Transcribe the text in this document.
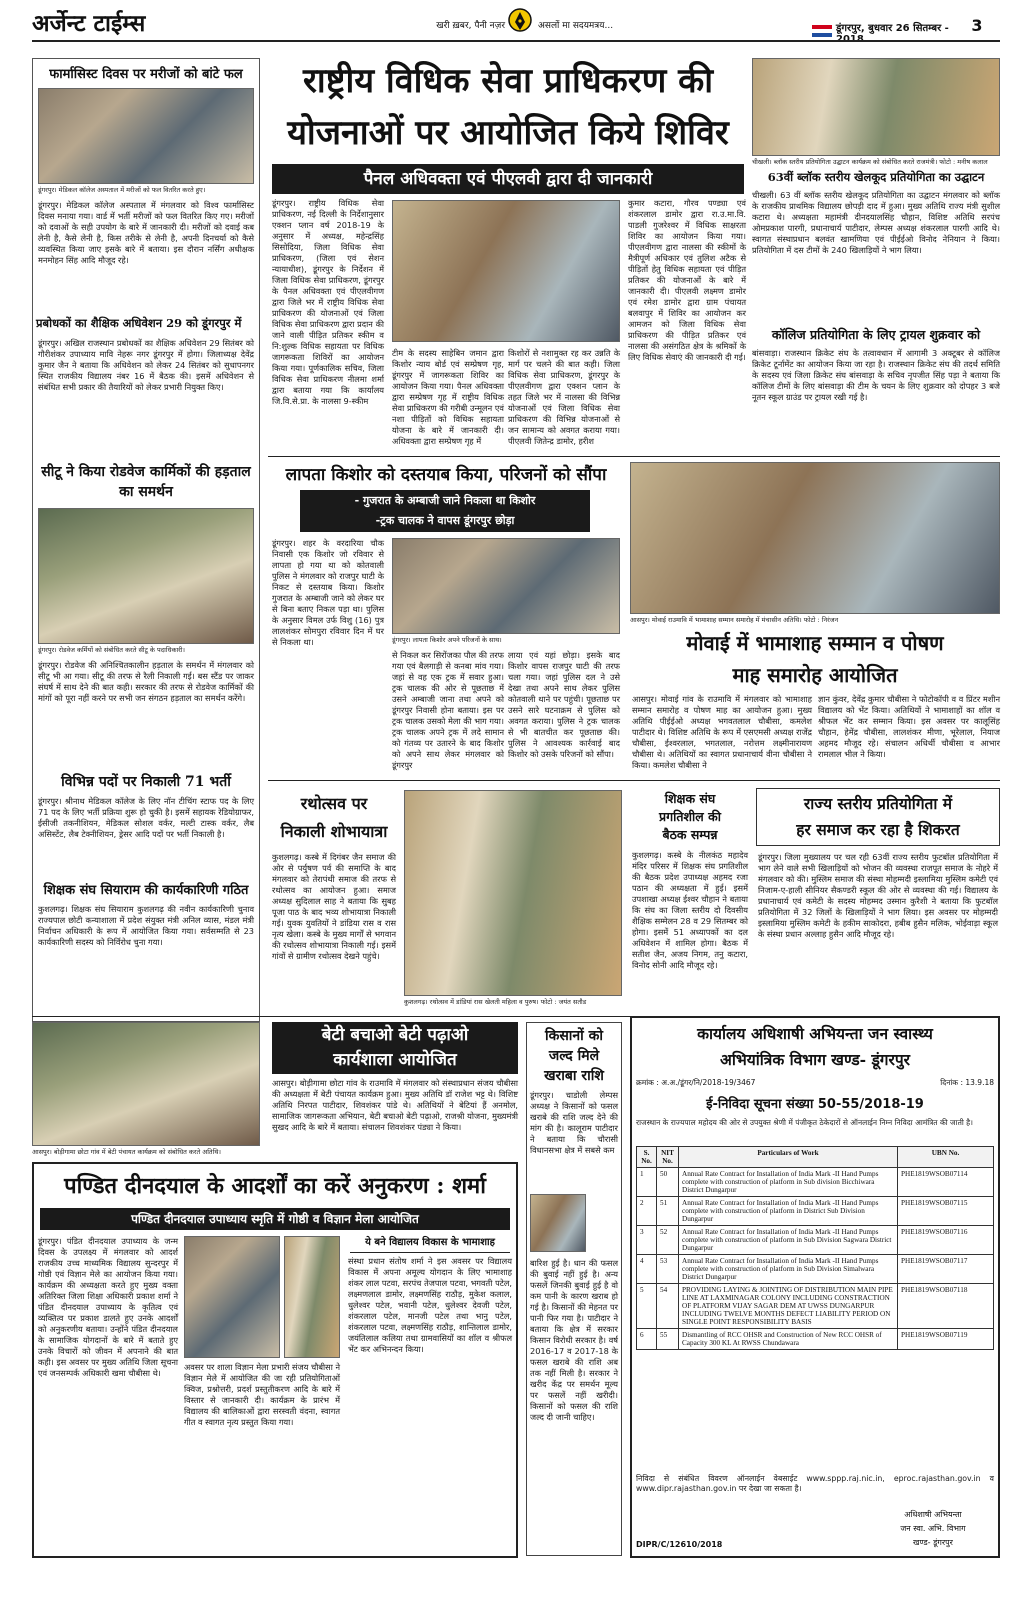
अर्जेन्ट टाईम्स	खरी ख़बर, पैनी नज़र	असलों मा सदयमत्रय...	डूंगरपुर, बुधवार 26 सितम्बर -	3
फार्मासिस्ट दिवस पर मरीजों को बांटे फल
डूंगरपुर। मेडिकल कॉलेज अस्पताल में मरीजों को फल वितरित करते हुए।
डूंगरपुर। मेडिकल कॉलेज अस्पताल में मंगलवार को विश्व फार्मासिस्ट दिवस मनाया गया। वार्ड में भर्ती मरीजों को फल वितरित किए गए। मरीजों को दवाओं के सही उपयोग के बारे में जानकारी दी। मरीजों को दवाई कब लेनी है, कैसे लेनी है, किस तरीके से लेनी है, अपनी दिनचर्या को कैसे व्यवस्थित किया जाए इसके बारे में बताया। इस दौरान नर्सिंग अधीक्षक मनमोहन सिंह आदि मौजूद रहे।
प्रबोधकों का शैक्षिक अधिवेशन 29 को डूंगरपुर में
डूंगरपुर। अखिल राजस्थान प्रबोधकों का शैक्षिक अधिवेशन 29 सितंबर को गौरीशंकर उपाध्याय मावि नेहरू नगर डूंगरपुर में होगा। जिलाध्यक्ष देवेंद्र कुमार जैन ने बताया कि अधिवेशन को लेकर 24 सितंबर को सुधापनगर स्थित राजकीय विद्यालय नंबर 16 में बैठक की। इसमें अधिवेशन से संबंधित सभी प्रकार की तैयारियों को लेकर प्रभारी नियुक्त किए।
सीटू ने किया रोडवेज कार्मिकों की हड़ताल का समर्थन
डूंगरपुर। रोडवेज कर्मियों को संबोधित करते सीटू के पदाधिकारी।
डूंगरपुर। रोडवेज की अनिश्चितकालीन हड़ताल के समर्थन में मंगलवार को सीटू भी आ गया। सीटू की तरफ से रैली निकाली गई। बस स्टैंड पर जाकर संघर्ष में साथ देने की बात कही। सरकार की तरफ से रोडवेज कार्मिकों की मांगों को पूरा नहीं करने पर सभी जन संगठन हड़ताल का समर्थन करेंगे।
विभिन्न पदों पर निकाली 71 भर्ती
डूंगरपुर। श्रीनाथ मेडिकल कॉलेज के लिए नॉन टीचिंग स्टाफ पद के लिए 71 पद के लिए भर्ती प्रक्रिया शुरू हो चुकी है। इसमें सहायक रेडियोग्राफर, ईसीजी तकनीशियन, मेडिकल सोशल वर्कर, मल्टी टास्क वर्कर, लैब असिस्टेंट, लैब टेक्नीशियन, ड्रेसर आदि पदों पर भर्ती निकाली है।
शिक्षक संघ सियाराम की कार्यकारिणी गठित
कुशलगढ़। शिक्षक संघ सियाराम कुशलगढ़ की नवीन कार्यकारिणी चुनाव राज्यपाल छोटी कन्याशाला में प्रदेश संयुक्त मंत्री अनिल व्यास, मंडल मंत्री निर्वाचन अधिकारी के रूप में आयोजित किया गया। सर्वसम्मति से 23 कार्यकारिणी सदस्य को निर्विरोध चुना गया।
राष्ट्रीय विधिक सेवा प्राधिकरण की
योजनाओं पर आयोजित किये शिविर
पैनल अधिवक्ता एवं पीएलवी द्वारा दी जानकारी
डूंगरपुर। राष्ट्रीय विधिक सेवा प्राधिकरण, नई दिल्ली के निर्देशानुसार एक्शन प्लान वर्ष 2018-19 के अनुसार में अध्यक्ष, महेन्द्रसिंह सिसोदिया, जिला विधिक सेवा प्राधिकरण, (जिला एवं सेशन न्यायाधीश), डूंगरपुर के निर्देशन में जिला विधिक सेवा प्राधिकरण, डूंगरपुर के पैनल अधिवक्ता एवं पीएलवीगण द्वारा जिले भर में राष्ट्रीय विधिक सेवा प्राधिकरण की योजनाओं एवं जिला विधिक सेवा प्राधिकरण द्वारा प्रदान की जाने वाली पीड़ित प्रतिकर स्कीम व नि:शुल्क विधिक सहायता पर विधिक जागरूकता शिविरों का आयोजन किया गया। पूर्णकालिक सचिव, जिला विधिक सेवा प्राधिकरण नीलमा शर्मा द्वारा बताया गया कि कार्यालय जि.वि.से.प्रा. के नालसा 9-स्कीम
टीम के सदस्य साहेबिन जमान द्वारा किशोर न्याय बोर्ड एवं सम्प्रेषण गृह, डूंगरपुर में जागरूकता शिविर का आयोजन किया गया। पैनल अधिवक्ता द्वारा सम्प्रेषण गृह में राष्ट्रीय विधिक सेवा प्राधिकरण की गरीबी उन्मूलन एवं नशा पीड़ितों को विधिक सहायता योजना के बारे में जानकारी दी। अधिवक्ता द्वारा सम्प्रेषण गृह में
किशोरों से नशामुक्त रह कर उन्नति के मार्ग पर चलने की बात कही। जिला विधिक सेवा प्राधिकरण, डूंगरपुर के पीएलवीगण द्वारा एक्शन प्लान के तहत जिले भर में नालसा की विभिन्न योजनाओं एवं जिला विधिक सेवा प्राधिकरण की विभिन्न योजनाओं से जन सामान्य को अवगत कराया गया। पीएलवी जितेन्द्र डामोर, हरीश
कुमार कटारा, गौरव पण्ड्या एवं शंकरलाल डामोर द्वारा रा.उ.मा.वि. पाडली गुजरेश्वर में विधिक साक्षरता शिविर का आयोजन किया गया। पीएलवीगण द्वारा नालसा की स्कीमों के मैत्रीपूर्ण अधिकार एवं तुलिश अटैक से पीड़ितों हेतु विधिक सहायता एवं पीड़ित प्रतिकर की योजनाओं के बारे में जानकारी दी। पीएलवी लक्ष्मण डामोर एवं रमेश डामोर द्वारा ग्राम पंचायत बलवापुर में शिविर का आयोजन कर आमजन को जिला विधिक सेवा प्राधिकरण की पीड़ित प्रतिकर एवं नालसा की असंगठित क्षेत्र के श्रमिकों के लिए विधिक सेवाएं की जानकारी दी गई।
चीखली। ब्लॉक स्तरीय प्रतियोगिता उद्घाटन कार्यक्रम को संबोधित करते राजमंत्री। फोटो : मनीष कलाल
63वीं ब्लॉक स्तरीय खेलकूद प्रतियोगिता का उद्घाटन
चीखली। 63 वीं ब्लॉक स्तरीय खेलकूद प्रतियोगिता का उद्घाटन मंगलवार को ब्लॉक के राजकीय प्राथमिक विद्यालय छोपड़ी दाद में हुआ। मुख्य अतिथि राज्य मंत्री सुशील कटारा थे। अध्यक्षता महामंत्री दीनदयालसिंह चौहान, विशिष्ट अतिथि सरपंच ओमप्रकाश पारगी, प्रधानाचार्य पाटीदार, लेम्पस अध्यक्ष शंकरलाल पारगी आदि थे। स्वागत संस्थाप्रधान बलवंत खामणिया एवं पीईईओ विनोद नेनियान ने किया। प्रतियोगिता में दस टीमों के 240 खिलाड़ियों ने भाग लिया।
कॉलिज प्रतियोगिता के लिए ट्रायल शुक्रवार को
बांसवाड़ा। राजस्थान क्रिकेट संघ के तत्वावधान में आगामी 3 अक्टूबर से कॉलिज क्रिकेट टूर्नामेंट का आयोजन किया जा रहा है। राजस्थान क्रिकेट संघ की तदर्थ समिति के सदस्य एवं जिला क्रिकेट संघ बांसवाड़ा के सचिव नृपजीत सिंह पड़ा ने बताया कि कॉलिज टीमों के लिए बांसवाड़ा की टीम के चयन के लिए शुक्रवार को दोपहर 3 बजे नूतन स्कूल ग्राउंड पर ट्रायल रखी गई है।
लापता किशोर को दस्तयाब किया, परिजनों को सौंपा
- गुजरात के अम्बाजी जाने निकला था किशोर
-ट्रक चालक ने वापस डूंगरपुर छोड़ा
डूंगरपुर। शहर के वरदारिया चौक निवासी एक किशोर जो रविवार से लापता हो गया था को कोतवाली पुलिस ने मंगलवार को राजपुर घाटी के निकट से दस्तयाब किया। किशोर गुजरात के अम्बाजी जाने को लेकर घर से बिना बताए निकल पड़ा था। पुलिस के अनुसार विमल उर्फ विशु (16) पुत्र लालशंकर सोमपुरा रविवार दिन में घर से निकला था।	डूंगरपुर। लापता किशोर अपने परिजनों के साथ।
से निकल कर सिरोंजका पौल की तरफ गया एवं बैलगाड़ी से कनबा मांव गया। जहां से वह एक ट्रक में सवार हुआ। ट्रक चालक की ओर से पूछताछ में उसने अम्बाजी जाना तथा अपने को डूंगरपुर निवासी होना बताया। इस पर ट्रक चालक उसको मेला की भाग गया। ट्रक चालक अपने ट्रक में लदे सामान को गंतव्य पर उतारने के बाद किशोर को अपने साथ लेकर मंगलवार को डूंगरपुर
लाया एवं यहां छोड़ा। इसके बाद किशोर वापस राजपुर घाटी की तरफ चला गया। जहां पुलिस दल ने उसे देखा तथा अपने साथ लेकर पुलिस कोतवाली थाने पर पहुंची। पूछताछ पर उसने सारे घटनाक्रम से पुलिस को अवगत कराया। पुलिस ने ट्रक चालक से भी बातचीत कर पूछताछ की। पुलिस ने आवश्यक कार्रवाई बाद किशोर को उसके परिजनों को सौंपा।
आसपुर। मोवाई राउमावि में भामाशाह सम्मान समारोह में मंचासीन अतिथि। फोटो : निरंजन
मोवाई में भामाशाह सम्मान व पोषण
माह समारोह आयोजित
आसपुर। मोवाई गांव के राउमावि में मंगलवार को भामाशाह सम्मान समारोह व पोषण माह का आयोजन हुआ। मुख्य अतिथि पीईईओ अध्यक्ष भगवतलाल चौबीसा, कमलेश पाटीदार थे। विशिष्ट अतिथि के रूप में एसएमसी अध्यक्ष राजेंद्र चौबीसा, ईश्वरलाल, भगतलाल, नरोत्तम लक्ष्मीनारायण चौबीसा थे। अतिथियों का स्वागत प्रधानाचार्य वीना चौबीसा ने किया। कमलेश चौबीसा ने
ज्ञान कुंवर, देवेंद्र कुमार चौबीसा ने फोटोकॉपी व व प्रिंटर मशीन विद्यालय को भेंट किया। अतिथियों ने भामाशाहों का शॉल व श्रीफल भेंट कर सम्मान किया। इस अवसर पर कालूसिंह चौहान, हेमेंद्र चौबीसा, लालशंकर मीणा, भूरेलाल, नियाज अहमद मौजूद रहे। संचालन अधिर्थी चौबीसा व आभार रामलाल भील ने किया।
रथोत्सव पर
निकाली शोभायात्रा
कुशलगढ़। कस्बे में दिगंबर जैन समाज की ओर से पर्युषण पर्व की समाप्ति के बाद मंगलवार को तेरापंथी समाज की तरफ से रथोत्सव का आयोजन हुआ। समाज अध्यक्ष सुदिलाल साह ने बताया कि सुबह पूजा पाठ के बाद भव्य शोभायात्रा निकाली गई। युवक युवतियों ने डांडिया रास व रास नृत्य खेला। कस्बे के मुख्य मार्गों से भगवान की रथोत्सव शोभायात्रा निकाली गई। इसमें गांवों से ग्रामीण रथोत्सव देखने पहुंचे।
कुशलगढ़। रथोत्सव में डांडियां रास खेलती महिला व पुरुष। फोटो : जयंत सतौड
शिक्षक संघ
प्रगतिशील की
बैठक सम्पन्न
कुशलगढ़। कस्बे के नीलकंठ महादेव मंदिर परिसर में शिक्षक संघ प्रगतिशील की बैठक प्रदेश उपाध्यक्ष अहमद रजा पठान की अध्यक्षता में हुई। इसमें उपशाखा अध्यक्ष ईश्वर चौहान ने बताया कि संघ का जिला स्तरीय दो दिवसीय शैक्षिक सम्मेलन 28 व 29 सितम्बर को होगा। इसमें 51 अध्यापकों का दल अधिवेशन में शामिल होगा। बैठक में सतीश जैन, अजय निगम, तनु कटारा, विनोद सोनी आदि मौजूद रहे।
राज्य स्तरीय प्रतियोगिता में
हर समाज कर रहा है शिकरत
डूंगरपुर। जिला मुख्यालय पर चल रही 63वीं राज्य स्तरीय फुटबॉल प्रतियोगिता में भाग लेने वाले सभी खिलाड़ियों को भोजन की व्यवस्था राजपूत समाज के नोहरे में मंगलवार को की। मुस्लिम समाज की संस्था मोहम्मदी इस्लामिया मुस्लिम कमेटी एवं निजाम-ए-हाली सीनियर सैकण्डरी स्कूल की ओर से व्यवस्था की गई। विद्यालय के प्रधानाचार्य एवं कमेटी के सदस्य मोहम्मद उस्मान कुरैशी ने बताया कि फुटबॉल प्रतियोगिता में 32 जिलों के खिलाड़ियों ने भाग लिया। इस अवसर पर मोहम्मदी इस्लामिया मुस्लिम कमेटी के हकीम साकोदरा, हबीब हुसैन मलिक, भोईवाड़ा स्कूल के संस्था प्रधान अल्लाह हुसैन आदि मौजूद रहे।
आसपुर। बोड़ीगामा छोटा गांव में बेटी पंचायत कार्यक्रम को संबोधित करते अतिथि।
बेटी बचाओ बेटी पढ़ाओ
कार्यशाला आयोजित
आसपुर। बोड़ीगामा छोटा गांव के राउमावि में मंगलवार को संस्थाप्रधान संजय चौबीसा की अध्यक्षता में बेटी पंचायत कार्यक्रम हुआ। मुख्य अतिथि डॉ राजेश भट्ट थे। विशिष्ट अतिथि निरपत पाटीदार, शिवशंकर पांडे थे। अतिथियों ने बेटियां हैं अनमोल, सामाजिक जागरूकता अभियान, बेटी बचाओ बेटी पढ़ाओ, राजश्री योजना, मुख्यमंत्री सुखद आदि के बारे में बताया। संचालन शिवशंकर पंड्या ने किया।
किसानों को
जल्द मिले
खराबा राशि
डूंगरपुर। चाडोली लेम्पस अध्यक्ष ने किसानों को फसल खराबे की राशि जल्द देने की मांग की है। कालूराम पाटीदार ने बताया कि चौरासी विधानसभा क्षेत्र में सबसे कम
बारिश हुई है। धान की फसल की बुवाई नहीं हुई है। अन्य फसलें जिनकी बुवाई हुई है वो कम पानी के कारण खराब हो गई है। किसानों की मेहनत पर पानी फिर गया है। पाटीदार ने बताया कि क्षेत्र में सरकार किसान विरोधी सरकार है। वर्ष 2016-17 व 2017-18 के फसल खराबे की राशि अब तक नहीं मिली है। सरकार ने खरीद केंद्र पर समर्थन मूल्य पर फसलें नहीं खरीदी। किसानों को फसल की राशि जल्द दी जानी चाहिए।
कार्यालय अधिशाषी अभियन्ता जन स्वास्थ्य
अभियांत्रिक विभाग खण्ड- डूंगरपुर
क्रमांक : अ.अ./डूंगर/नि/2018-19/3467	दिनांक : 13.9.18
ई-निविदा सूचना संख्या 50-55/2018-19
राजस्थान के राज्यपाल महोदय की ओर से उपयुक्त श्रेणी में पंजीकृत ठेकेदारों से ऑनलाईन निम्न निविदा आमंत्रित की जाती है।
S. No.	NIT No.	Particulars of Work	UBN No.
1	50	Annual Rate Contract for Installation of India Mark -II Hand Pumps complete with construction of platform in Sub division Bicchiwara District Dungarpur	PHE1819WSOB07114
2	51	Annual Rate Contract for Installation of India Mark -II Hand Pumps complete with construction of platform in District Sub Division Dungarpur	PHE1819WSOB07115
3	52	Annual Rate Contract for Installation of India Mark -II Hand Pumps complete with construction of platform in Sub Division Sagwara District Dungarpur	PHE1819WSOB07116
4	53	Annual Rate Contract for Installation of India Mark -II Hand Pumps complete with construction of platform in Sub Division Simalwara District Dungarpur	PHE1819WSOB07117
5	54	PROVIDING LAYING & JOINTING OF DISTRIBUTION MAIN PIPE LINE AT LAXMINAGAR COLONY INCLUDING CONSTRACTION OF PLATFORM VIJAY SAGAR DEM AT UWSS DUNGARPUR INCLUDING TWELVE MONTHS DEFECT LIABILITY PERIOD ON SINGLE POINT RESPONSIBILITY BASIS	PHE1819WSOB07118
6	55	Dismantling of RCC OHSR and Construction of New RCC OHSR of Capacity 300 KL At RWSS Chundawara	PHE1819WSOB07119
निविदा से संबंधित विवरण ऑनलाईन वेबसाईट www.sppp.raj.nic.in, eproc.rajasthan.gov.in व www.dipr.rajasthan.gov.in पर देखा जा सकता है।
DIPR/C/12610/2018
अधिशाषी अभियन्ता
जन स्वा. अभि. विभाग
खण्ड- डूंगरपुर
पण्डित दीनदयाल के आदर्शों का करें अनुकरण : शर्मा
पण्डित दीनदयाल उपाध्याय स्मृति में गोष्ठी व विज्ञान मेला आयोजित
डूंगरपुर। पंडित दीनदयाल उपाध्याय के जन्म दिवस के उपलक्ष्य में मंगलवार को आदर्श राजकीय उच्च माध्यमिक विद्यालय सुन्दरपुर में गोष्ठी एवं विज्ञान मेले का आयोजन किया गया। कार्यक्रम की अध्यक्षता करते हुए मुख्य वक्ता अतिरिक्त जिला शिक्षा अधिकारी प्रकाश शर्मा ने पंडित दीनदयाल उपाध्याय के कृतित्व एवं व्यक्तित्व पर प्रकाश डालते हुए उनके आदर्शों को अनुकरणीय बताया। उन्होंने पंडित दीनदयाल के सामाजिक योगदानों के बारे में बताते हुए उनके विचारों को जीवन में अपनाने की बात कही। इस अवसर पर मुख्य अतिथि जिला सूचना एवं जनसम्पर्क अधिकारी खमा चौबीसा थे।
अवसर पर शाला विज्ञान मेला प्रभारी संजय चौबीसा ने विज्ञान मेले में आयोजित की जा रही प्रतियोगिताओं क्विज, प्रश्नोत्तरी, प्रदर्श प्रस्तुतीकरण आदि के बारे में विस्तार से जानकारी दी। कार्यक्रम के प्रारंभ में विद्यालय की बालिकाओं द्वारा सरस्वती वंदना, स्वागत गीत व स्वागत नृत्य प्रस्तुत किया गया।
ये बने विद्यालय विकास के भामाशाह
संस्था प्रधान संतोष शर्मा ने इस अवसर पर विद्यालय विकास में अपना अमूल्य योगदान के लिए भामाशाह शंकर लाल पटवा, सरपंच तेजपाल पटवा, भगवती पटेल, लक्ष्मणलाल डामोर, लक्ष्मणसिंह राठौड़, मुकेश कलाल, धुलेश्वर पटेल, भवानी पटेल, धुलेश्वर देवजी पटेल, शंकरलाल पटेल, मानजी पटेल तथा भानु पटेल, शंकरलाल पटवा, लक्ष्मणसिंह राठौड़, शान्तिलाल डामोर, जयंतिलाल कलिया तथा ग्रामवासियों का शॉल व श्रीफल भेंट कर अभिनन्दन किया।
